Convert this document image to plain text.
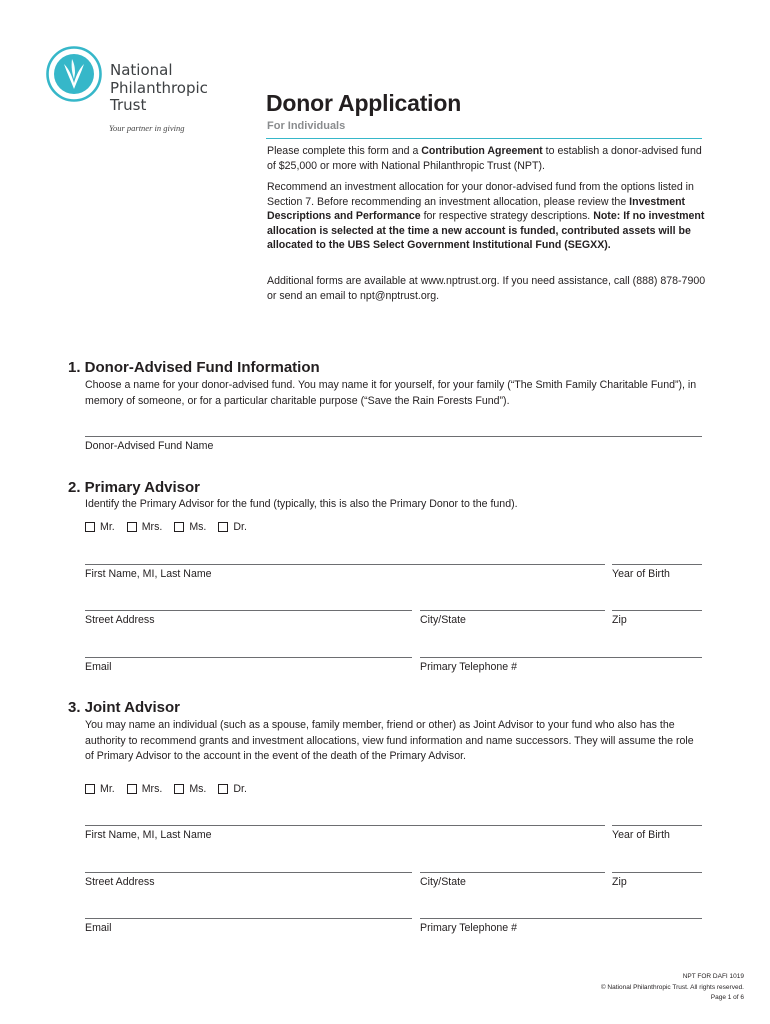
National
Philanthropic
Trust
Your partner in giving
Donor Application
For Individuals

Please complete this form and a Contribution Agreement to establish a donor-advised fund of $25,000 or more with National Philanthropic Trust (NPT).

Recommend an investment allocation for your donor-advised fund from the options listed in Section 7. Before recommending an investment allocation, please review the Investment Descriptions and Performance for respective strategy descriptions. Note: If no investment allocation is selected at the time a new account is funded, contributed assets will be allocated to the UBS Select Government Institutional Fund (SEGXX).

Additional forms are available at www.nptrust.org. If you need assistance, call (888) 878-7900 or send an email to npt@nptrust.org.

1. Donor-Advised Fund Information
Choose a name for your donor-advised fund. You may name it for yourself, for your family (“The Smith Family Charitable Fund”), in memory of someone, or for a particular charitable purpose (“Save the Rain Forests Fund”).
Donor-Advised Fund Name
2. Primary Advisor
Identify the Primary Advisor for the fund (typically, this is also the Primary Donor to the fund).
Mr.	Mrs.	Ms.	Dr.
First Name, MI, Last Name	Year of Birth
Street Address	City/State	Zip
Email	Primary Telephone #
3. Joint Advisor
You may name an individual (such as a spouse, family member, friend or other) as Joint Advisor to your fund who also has the authority to recommend grants and investment allocations, view fund information and name successors. They will assume the role of Primary Advisor to the account in the event of the death of the Primary Advisor.
Mr.	Mrs.	Ms.	Dr.
First Name, MI, Last Name	Year of Birth
Street Address	City/State	Zip
Email	Primary Telephone #
NPT FOR DAFI 1019
© National Philanthropic Trust. All rights reserved.
Page 1 of 6
